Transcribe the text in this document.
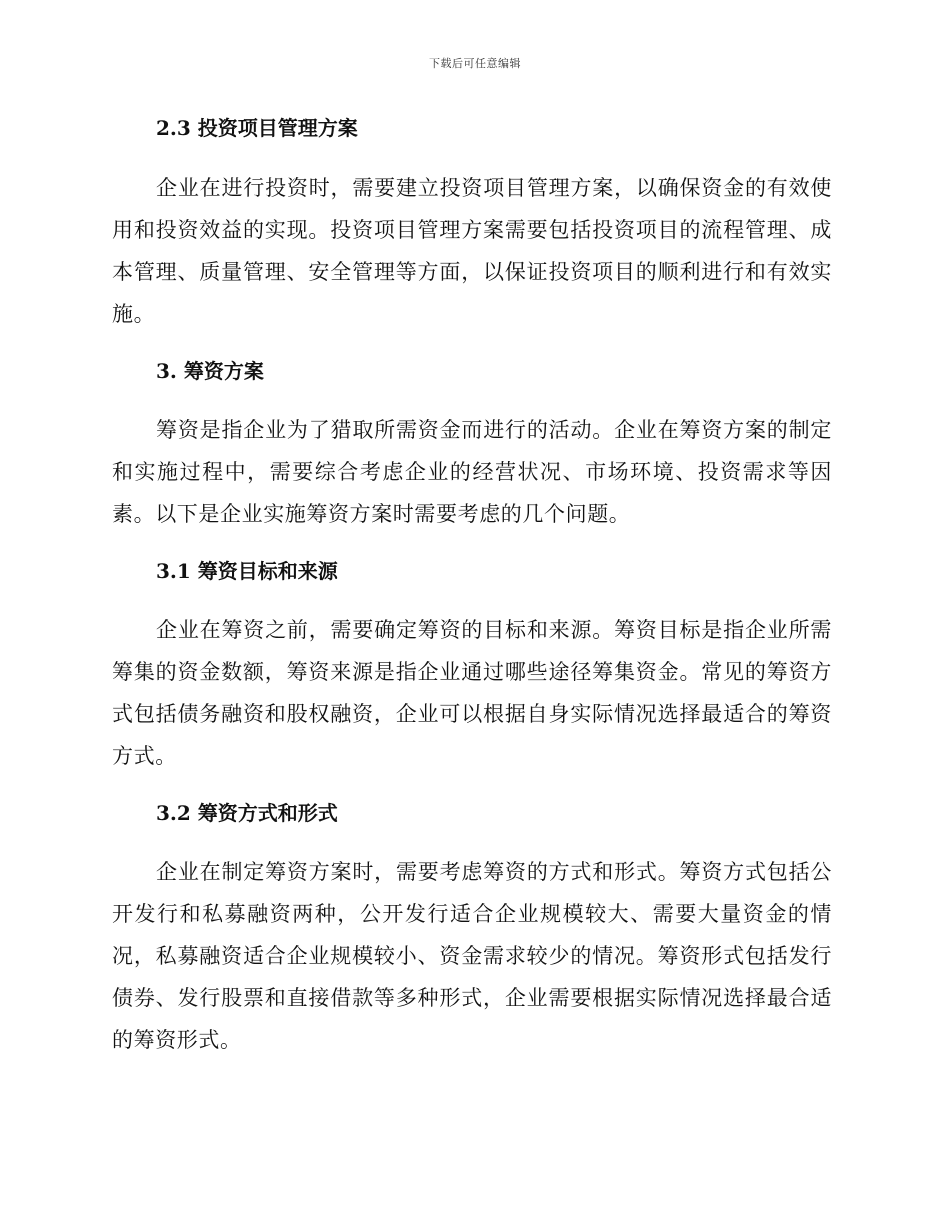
下载后可任意编辑
2.3 投资项目管理方案

企业在进行投资时，需要建立投资项目管理方案，以确保资金的有效使用和投资效益的实现。投资项目管理方案需要包括投资项目的流程管理、成本管理、质量管理、安全管理等方面，以保证投资项目的顺利进行和有效实施。

3. 筹资方案

筹资是指企业为了猎取所需资金而进行的活动。企业在筹资方案的制定和实施过程中，需要综合考虑企业的经营状况、市场环境、投资需求等因素。以下是企业实施筹资方案时需要考虑的几个问题。

3.1 筹资目标和来源

企业在筹资之前，需要确定筹资的目标和来源。筹资目标是指企业所需筹集的资金数额，筹资来源是指企业通过哪些途径筹集资金。常见的筹资方式包括债务融资和股权融资，企业可以根据自身实际情况选择最适合的筹资方式。

3.2 筹资方式和形式

企业在制定筹资方案时，需要考虑筹资的方式和形式。筹资方式包括公开发行和私募融资两种，公开发行适合企业规模较大、需要大量资金的情况，私募融资适合企业规模较小、资金需求较少的情况。筹资形式包括发行债券、发行股票和直接借款等多种形式，企业需要根据实际情况选择最合适的筹资形式。
